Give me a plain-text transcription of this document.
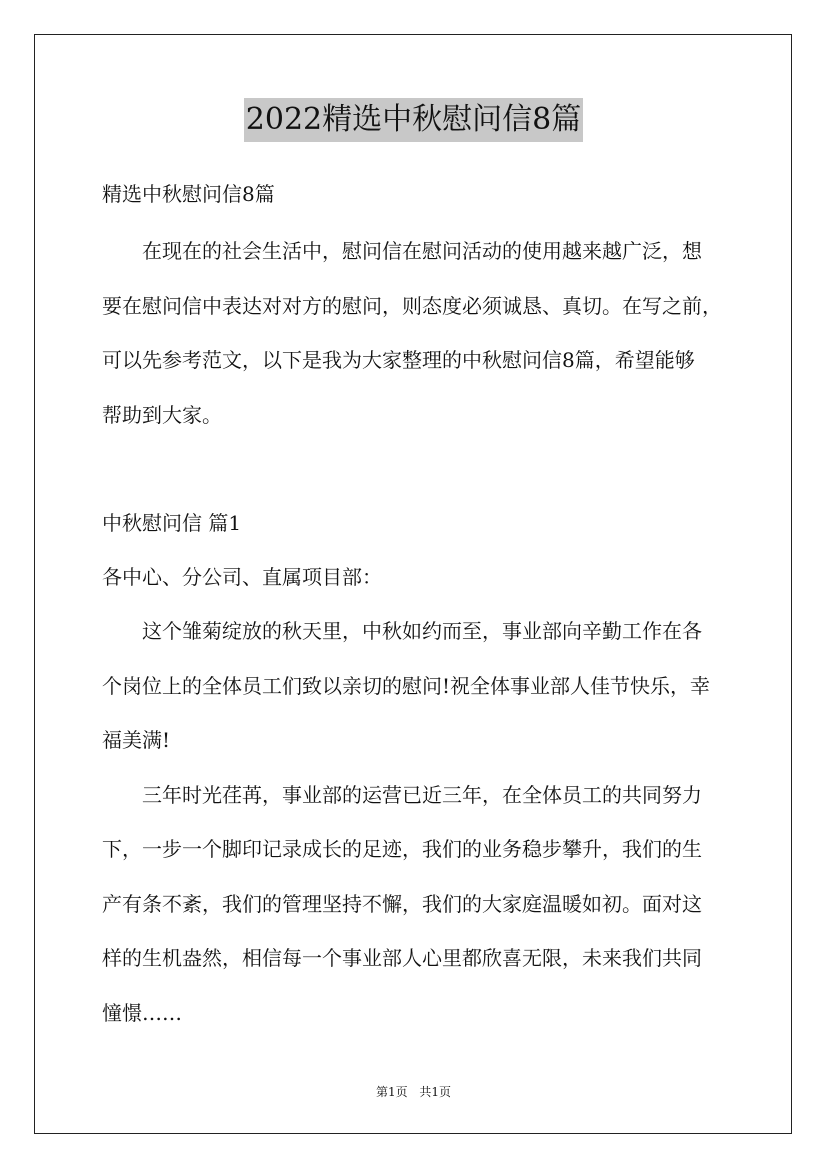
2022精选中秋慰问信8篇
精选中秋慰问信8篇

在现在的社会生活中，慰问信在慰问活动的使用越来越广泛，想
要在慰问信中表达对对方的慰问，则态度必须诚恳、真切。在写之前，
可以先参考范文，以下是我为大家整理的中秋慰问信8篇，希望能够
帮助到大家。

中秋慰问信 篇1
各中心、分公司、直属项目部：

这个雏菊绽放的秋天里，中秋如约而至，事业部向辛勤工作在各
个岗位上的全体员工们致以亲切的慰问!祝全体事业部人佳节快乐，幸
福美满!

三年时光荏苒，事业部的运营已近三年，在全体员工的共同努力
下，一步一个脚印记录成长的足迹，我们的业务稳步攀升，我们的生
产有条不紊，我们的管理坚持不懈，我们的大家庭温暖如初。面对这
样的生机盎然，相信每一个事业部人心里都欣喜无限，未来我们共同
憧憬……

第1页 共1页
